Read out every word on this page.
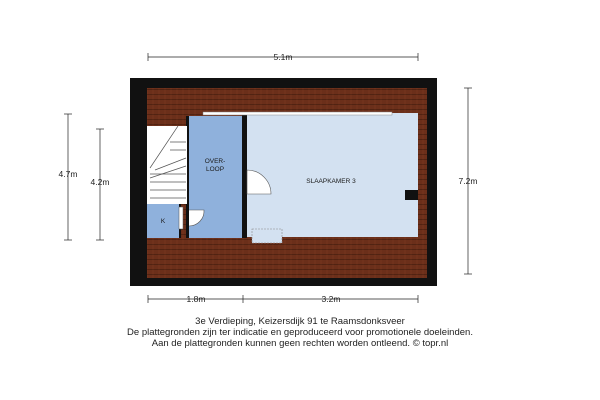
OVER-
LOOP
SLAAPKAMER 3
K
5.1m
4.7m
4.2m	7.2m
1.8m	3.2m
3e Verdieping, Keizersdijk 91 te Raamsdonksveer
De plattegronden zijn ter indicatie en geproduceerd voor promotionele doeleinden.
Aan de plattegronden kunnen geen rechten worden ontleend. © topr.nl
